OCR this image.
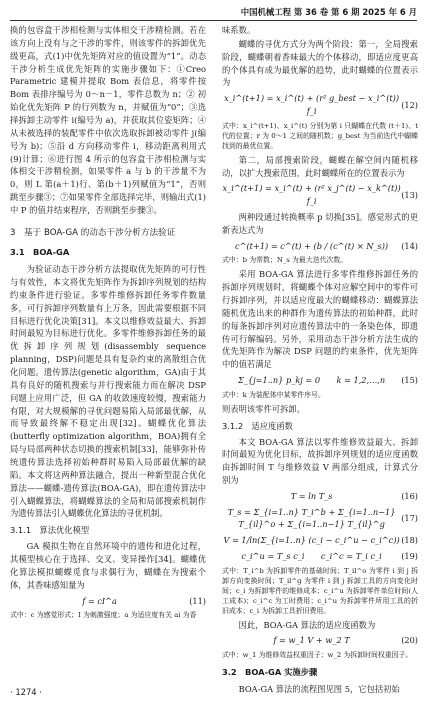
中国机械工程 第 36 卷 第 6 期 2025 年 6 月

换的包容盒干涉相检测与实体相交干涉精检测。若在该方向上没有与之干涉的零件，则该零件的拆卸优先级更高，式(1)中优先矩阵对应的值设置为“1”。动态干涉分析生成优先矩阵的实施步骤如下：①Creo Parametric 建模并提取 Bom 表信息，将零件按 Bom 表排序编号为 0～n－1，零件总数为 n；② 初始化优先矩阵 P 的行列数为 n，并赋值为“0”；③选择拆卸主动零件 i(编号为 a)，并获取其位姿矩阵；④从未被选择的装配零件中依次选取拆卸被动零件 j(编号为 b)；⑤沿 d 方向移动零件 i，移动距离利用式(9)计算；⑥进行图 4 所示的包容盒干涉相检测与实体相交干涉精检测，如果零件 a 与 b 的干涉量不为 0，则 L 第(a＋1)行、第(b＋1)列赋值为“1”，否则跳至步骤③；⑦如果零件全部选择完毕，则输出式(1) 中 P 的值并结束程序，否则跳至步骤③。

3　基于 BOA-GA 的动态干涉分析方法验证
3.1　BOA-GA

为验证动态干涉分析方法提取优先矩阵的可行性与有效性，本文将优先矩阵作为拆卸序列规划的结构约束条件进行验证。多零件维修拆卸任务零件数量多，可行拆卸序列数量有上万条，因此需要根据不同目标进行优化决策[31]。本文以维修效益最大、拆卸时间最短为目标进行优化。多零件维修拆卸任务的最优拆卸序列规划(disassembly sequence planning，DSP)问题是具有复杂约束的离散组合优化问题。遗传算法(genetic algorithm，GA)由于其具有良好的随机搜索与并行搜索能力而在解决 DSP 问题上应用广泛，但 GA 的收敛速度较慢，搜索能力有限，对大规模解的寻优问题易陷入局部最优解，从而导致最终解不稳定出现[32]。蝴蝶优化算法(butterfly optimization algorithm，BOA)拥有全局与局部两种状态切换的搜索机制[33]，能够弥补传统遗传算法选择初始种群时易陷入局部最优解的缺陷。本文将这两种算法融合，提出一种新型混合优化算法——蝴蝶-遗传算法(BOA-GA)，即在遗传算法中引入蝴蝶算法，将蝴蝶算法的全局和局部搜索机制作为遗传算法引入蝴蝶优化算法的寻优机制。

3.1.1　算法优化模型

GA 模拟生物在自然环境中的遗传和进化过程，其模型核心在于选择、交叉、变异操作[34]。蝴蝶优化算法模拟蝴蝶觅食与求偶行为，蝴蝶在为搜索个体，其香味感知量为

f = cI^a	(11)

式中：c 为感觉形式；I 为刺激强度；a 为适应度有关 ai 为香

味系数。

蝴蝶的寻优方式分为两个阶段：第一，全局搜索阶段，蝴蝶朝着香味最大的个体移动，即适应度更高的个体具有成为最优解的趋势，此时蝴蝶的位置表示为

x_i^(t+1) = x_i^(t) + (r² g_best − x_i^(t)) f_i
(12)

式中：x_i^(t+1)、x_i^(t) 分别为第 i 只蝴蝶在代数 (t＋1)、t 代的位置；r 为 0～1 之间的随机数；g_best 为当前迭代中蝴蝶找到的最优位置。

第二，局部搜索阶段，蝴蝶在解空间内随机移动，以扩大搜索范围，此时蝴蝶所在的位置表示为

x_i^(t+1) = x_i^(t) + (r² x_j^(t) − x_k^(t)) f_i
(13)

两种段通过转换概率 p 切换[35]。感觉形式的更新表达式为

c^(t+1) = c^(t) + (b / (c^(t) × N_s))	(14)

式中：b 为常数；N_s 为最大迭代次数。

采用 BOA-GA 算法进行多零件维修拆卸任务的拆卸序列规划时，将蝴蝶个体对应解空间中的零件可行拆卸序列，并以适应度最大的蝴蝶移动：蝴蝶算法随机优选出来的种群作为遗传算法的初始种群，此时的每条拆卸序列对应遗传算法中的一条染色体，即遗传可行解编码。另外，采用动态干涉分析方法生成的优先矩阵作为解决 DSP 问题的约束条件，优先矩阵中的值若满足

Σ_{j=1..n} p_kj = 0　　k = 1,2,…,n	(15)

式中：k 为装配体中某零件序号。

则表明该零件可拆卸。

3.1.2　适应度函数

本文 BOA-GA 算法以零件维修效益最大、拆卸时间最短为优化目标，故拆卸序列规划的适应度函数由拆卸时间 T 与维修效益 V 两部分组成，计算式分别为

T = ln T_s	(16)
T_s = Σ_{i=1..n} T_i^b + Σ_{i=1..n−1} T_{il}^o + Σ_{i=1..n−1} T_{il}^g
(17)
V = 1/ln(Σ_{i=1..n} (c_i − c_i^u − c_i^c)) (18)
c_i^u = T_s c_i　　c_i^c = T_i c_i	(19)

式中：T_i^b 为拆卸零件的基础时间；T_il^o 为零件 i 到 j 拆卸方向变换时间；T_il^g 为零件 i 到 j 拆卸工具的方向变化时间；c_i 为拆卸零件的维修成本；c_i^u 为拆卸零件单位时间(人工成本)；c_i^c 为工时费用；c_i^u 为拆卸零件所用工具的折旧成本；c_i 为拆卸工具折旧费用。

因此，BOA-GA 算法的适应度函数为

f = w_1 V + w_2 T	(20)

式中：w_1 为维修效益权重因子；w_2 为拆卸时间权重因子。

3.2　BOA-GA 实施步骤

BOA-GA 算法的流程图见图 5，它包括初始

· 1274 ·
